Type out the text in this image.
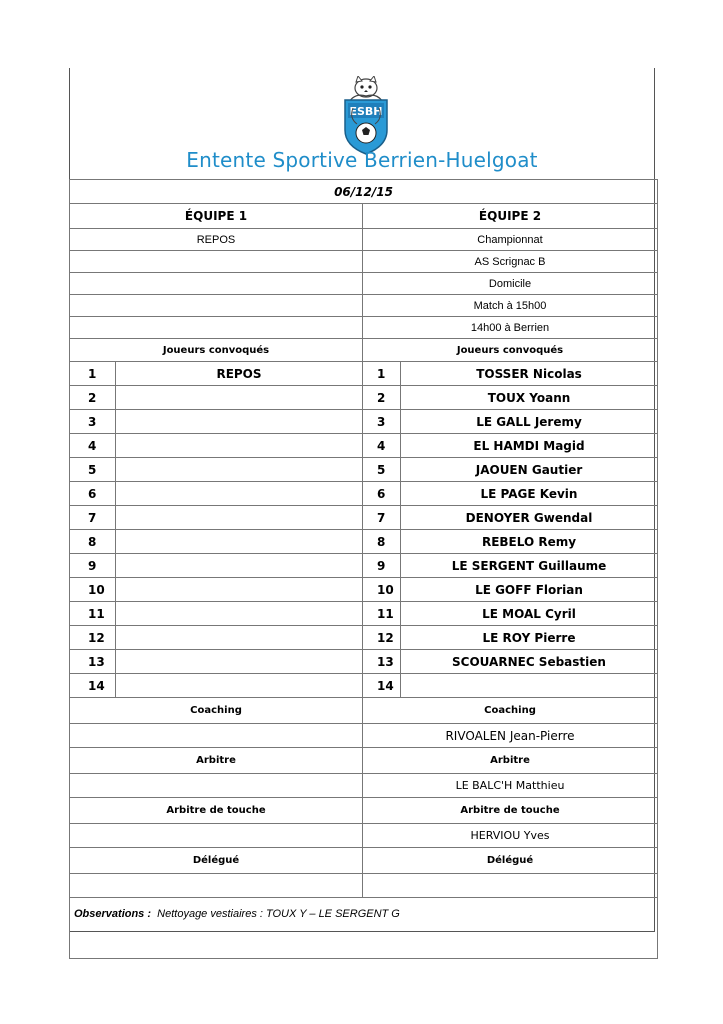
ESBH
Entente Sportive Berrien-Huelgoat
06/12/15			
ÉQUIPE 1		ÉQUIPE 2	
REPOS		Championnat	
		AS Scrignac B	
		Domicile	
		Match à 15h00	
		14h00 à Berrien	
Joueurs convoqués		Joueurs convoqués	
1	REPOS	1	TOSSER Nicolas
2		2	TOUX Yoann
3		3	LE GALL Jeremy
4		4	EL HAMDI Magid
5		5	JAOUEN Gautier
6		6	LE PAGE Kevin
7		7	DENOYER Gwendal
8		8	REBELO Remy
9		9	LE SERGENT Guillaume
10		10	LE GOFF Florian
11		11	LE MOAL Cyril
12		12	LE ROY Pierre
13		13	SCOUARNEC Sebastien
14		14	
Coaching		Coaching	
		RIVOALEN Jean-Pierre	
Arbitre		Arbitre	
		LE BALC'H Matthieu	
Arbitre de touche		Arbitre de touche	
		HERVIOU Yves	
Délégué		Délégué	

Observations : Nettoyage vestiaires : TOUX Y – LE SERGENT G			
